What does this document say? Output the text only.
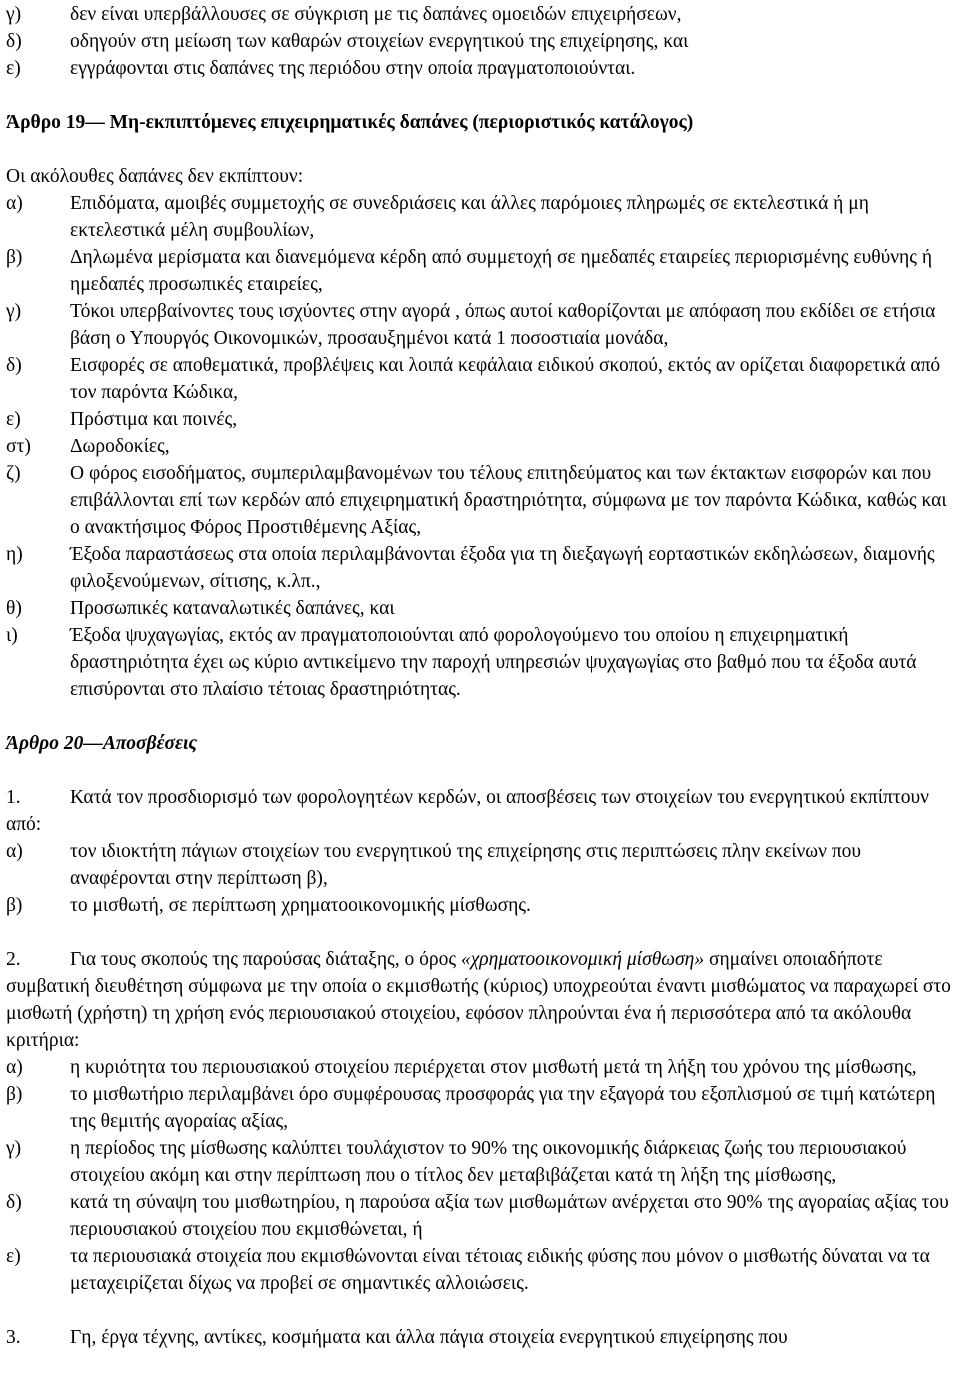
γ)	δεν είναι υπερβάλλουσες σε σύγκριση με τις δαπάνες ομοειδών επιχειρήσεων,
δ)	οδηγούν στη μείωση των καθαρών στοιχείων ενεργητικού της επιχείρησης, και
ε)	εγγράφονται στις δαπάνες της περιόδου στην οποία πραγματοποιούνται.
Άρθρο 19— Μη-εκπιπτόμενες επιχειρηματικές δαπάνες (περιοριστικός κατάλογος)
Οι ακόλουθες δαπάνες δεν εκπίπτουν:
α)	Επιδόματα, αμοιβές συμμετοχής σε συνεδριάσεις και άλλες παρόμοιες πληρωμές σε εκτελεστικά ή μη εκτελεστικά μέλη συμβουλίων,
β)	Δηλωμένα μερίσματα και διανεμόμενα κέρδη από συμμετοχή σε ημεδαπές εταιρείες περιορισμένης ευθύνης ή ημεδαπές προσωπικές εταιρείες,
γ)	Τόκοι υπερβαίνοντες τους ισχύοντες στην αγορά , όπως αυτοί καθορίζονται με απόφαση που εκδίδει σε ετήσια βάση ο Υπουργός Οικονομικών, προσαυξημένοι κατά 1 ποσοστιαία μονάδα,
δ)	Εισφορές σε αποθεματικά, προβλέψεις και λοιπά κεφάλαια ειδικού σκοπού, εκτός αν ορίζεται διαφορετικά από τον παρόντα Κώδικα,
ε)	Πρόστιμα και ποινές,
στ)	Δωροδοκίες,
ζ)	Ο φόρος εισοδήματος, συμπεριλαμβανομένων του τέλους επιτηδεύματος και των έκτακτων εισφορών και που επιβάλλονται επί των κερδών από επιχειρηματική δραστηριότητα, σύμφωνα με τον παρόντα Κώδικα, καθώς και ο ανακτήσιμος Φόρος Προστιθέμενης Αξίας,
η)	Έξοδα παραστάσεως στα οποία περιλαμβάνονται έξοδα για τη διεξαγωγή εορταστικών εκδηλώσεων, διαμονής φιλοξενούμενων, σίτισης, κ.λπ.,
θ)	Προσωπικές καταναλωτικές δαπάνες, και
ι)	Έξοδα ψυχαγωγίας, εκτός αν πραγματοποιούνται από φορολογούμενο του οποίου η επιχειρηματική δραστηριότητα έχει ως κύριο αντικείμενο την παροχή υπηρεσιών ψυχαγωγίας στο βαθμό που τα έξοδα αυτά επισύρονται στο πλαίσιο τέτοιας δραστηριότητας.
Άρθρο 20—Αποσβέσεις
1.	Κατά τον προσδιορισμό των φορολογητέων κερδών, οι αποσβέσεις των στοιχείων του ενεργητικού εκπίπτουν από:
α)	τον ιδιοκτήτη πάγιων στοιχείων του ενεργητικού της επιχείρησης στις περιπτώσεις πλην εκείνων που αναφέρονται στην περίπτωση β),
β)	το μισθωτή, σε περίπτωση χρηματοοικονομικής μίσθωσης.
2.	Για τους σκοπούς της παρούσας διάταξης, ο όρος «χρηματοοικονομική μίσθωση» σημαίνει οποιαδήποτε συμβατική διευθέτηση σύμφωνα με την οποία ο εκμισθωτής (κύριος) υποχρεούται έναντι μισθώματος να παραχωρεί στο μισθωτή (χρήστη) τη χρήση ενός περιουσιακού στοιχείου, εφόσον πληρούνται ένα ή περισσότερα από τα ακόλουθα κριτήρια:
α)	η κυριότητα του περιουσιακού στοιχείου περιέρχεται στον μισθωτή μετά τη λήξη του χρόνου της μίσθωσης,
β)	το μισθωτήριο περιλαμβάνει όρο συμφέρουσας προσφοράς για την εξαγορά του εξοπλισμού σε τιμή κατώτερη της θεμιτής αγοραίας αξίας,
γ)	η περίοδος της μίσθωσης καλύπτει τουλάχιστον το 90% της οικονομικής διάρκειας ζωής του περιουσιακού στοιχείου ακόμη και στην περίπτωση που ο τίτλος δεν μεταβιβάζεται κατά τη λήξη της μίσθωσης,
δ)	κατά τη σύναψη του μισθωτηρίου, η παρούσα αξία των μισθωμάτων ανέρχεται στο 90% της αγοραίας αξίας του περιουσιακού στοιχείου που εκμισθώνεται, ή
ε)	τα περιουσιακά στοιχεία που εκμισθώνονται είναι τέτοιας ειδικής φύσης που μόνον ο μισθωτής δύναται να τα μεταχειρίζεται δίχως να προβεί σε σημαντικές αλλοιώσεις.
3.	Γη, έργα τέχνης, αντίκες, κοσμήματα και άλλα πάγια στοιχεία ενεργητικού επιχείρησης που
